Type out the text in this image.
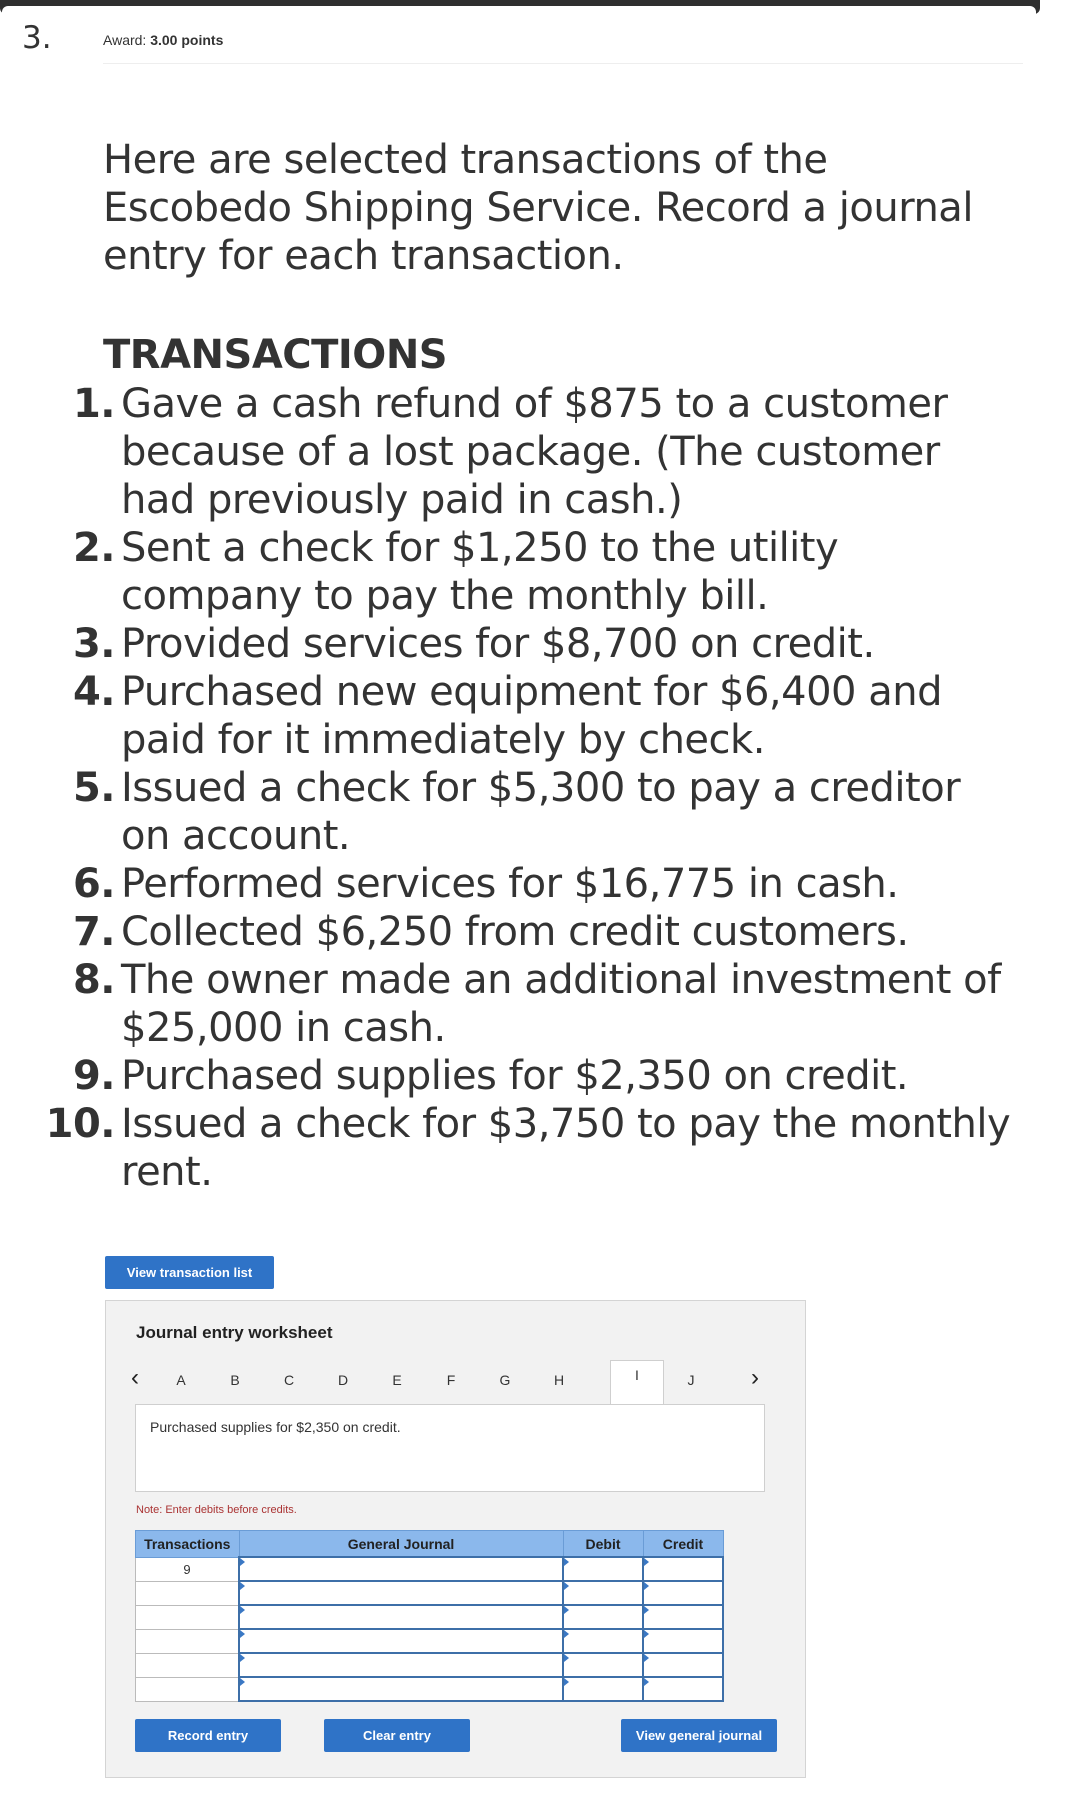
3.	Award: 3.00 points
Here are selected transactions of the Escobedo Shipping Service. Record a journal entry for each transaction.
TRANSACTIONS
1. Gave a cash refund of $875 to a customer because of a lost package. (The customer had previously paid in cash.)
2. Sent a check for $1,250 to the utility company to pay the monthly bill.
3. Provided services for $8,700 on credit.
4. Purchased new equipment for $6,400 and paid for it immediately by check.
5. Issued a check for $5,300 to pay a creditor on account.
6. Performed services for $16,775 in cash.
7. Collected $6,250 from credit customers.
8. The owner made an additional investment of $25,000 in cash.
9. Purchased supplies for $2,350 on credit.
10. Issued a check for $3,750 to pay the monthly rent.
View transaction list
Journal entry worksheet
‹	A	B	C	D	E	F	G	H	I	J	›
Purchased supplies for $2,350 on credit.
Note: Enter debits before credits.
Transactions	General Journal	Debit	Credit
9			

Record entry	Clear entry	View general journal
